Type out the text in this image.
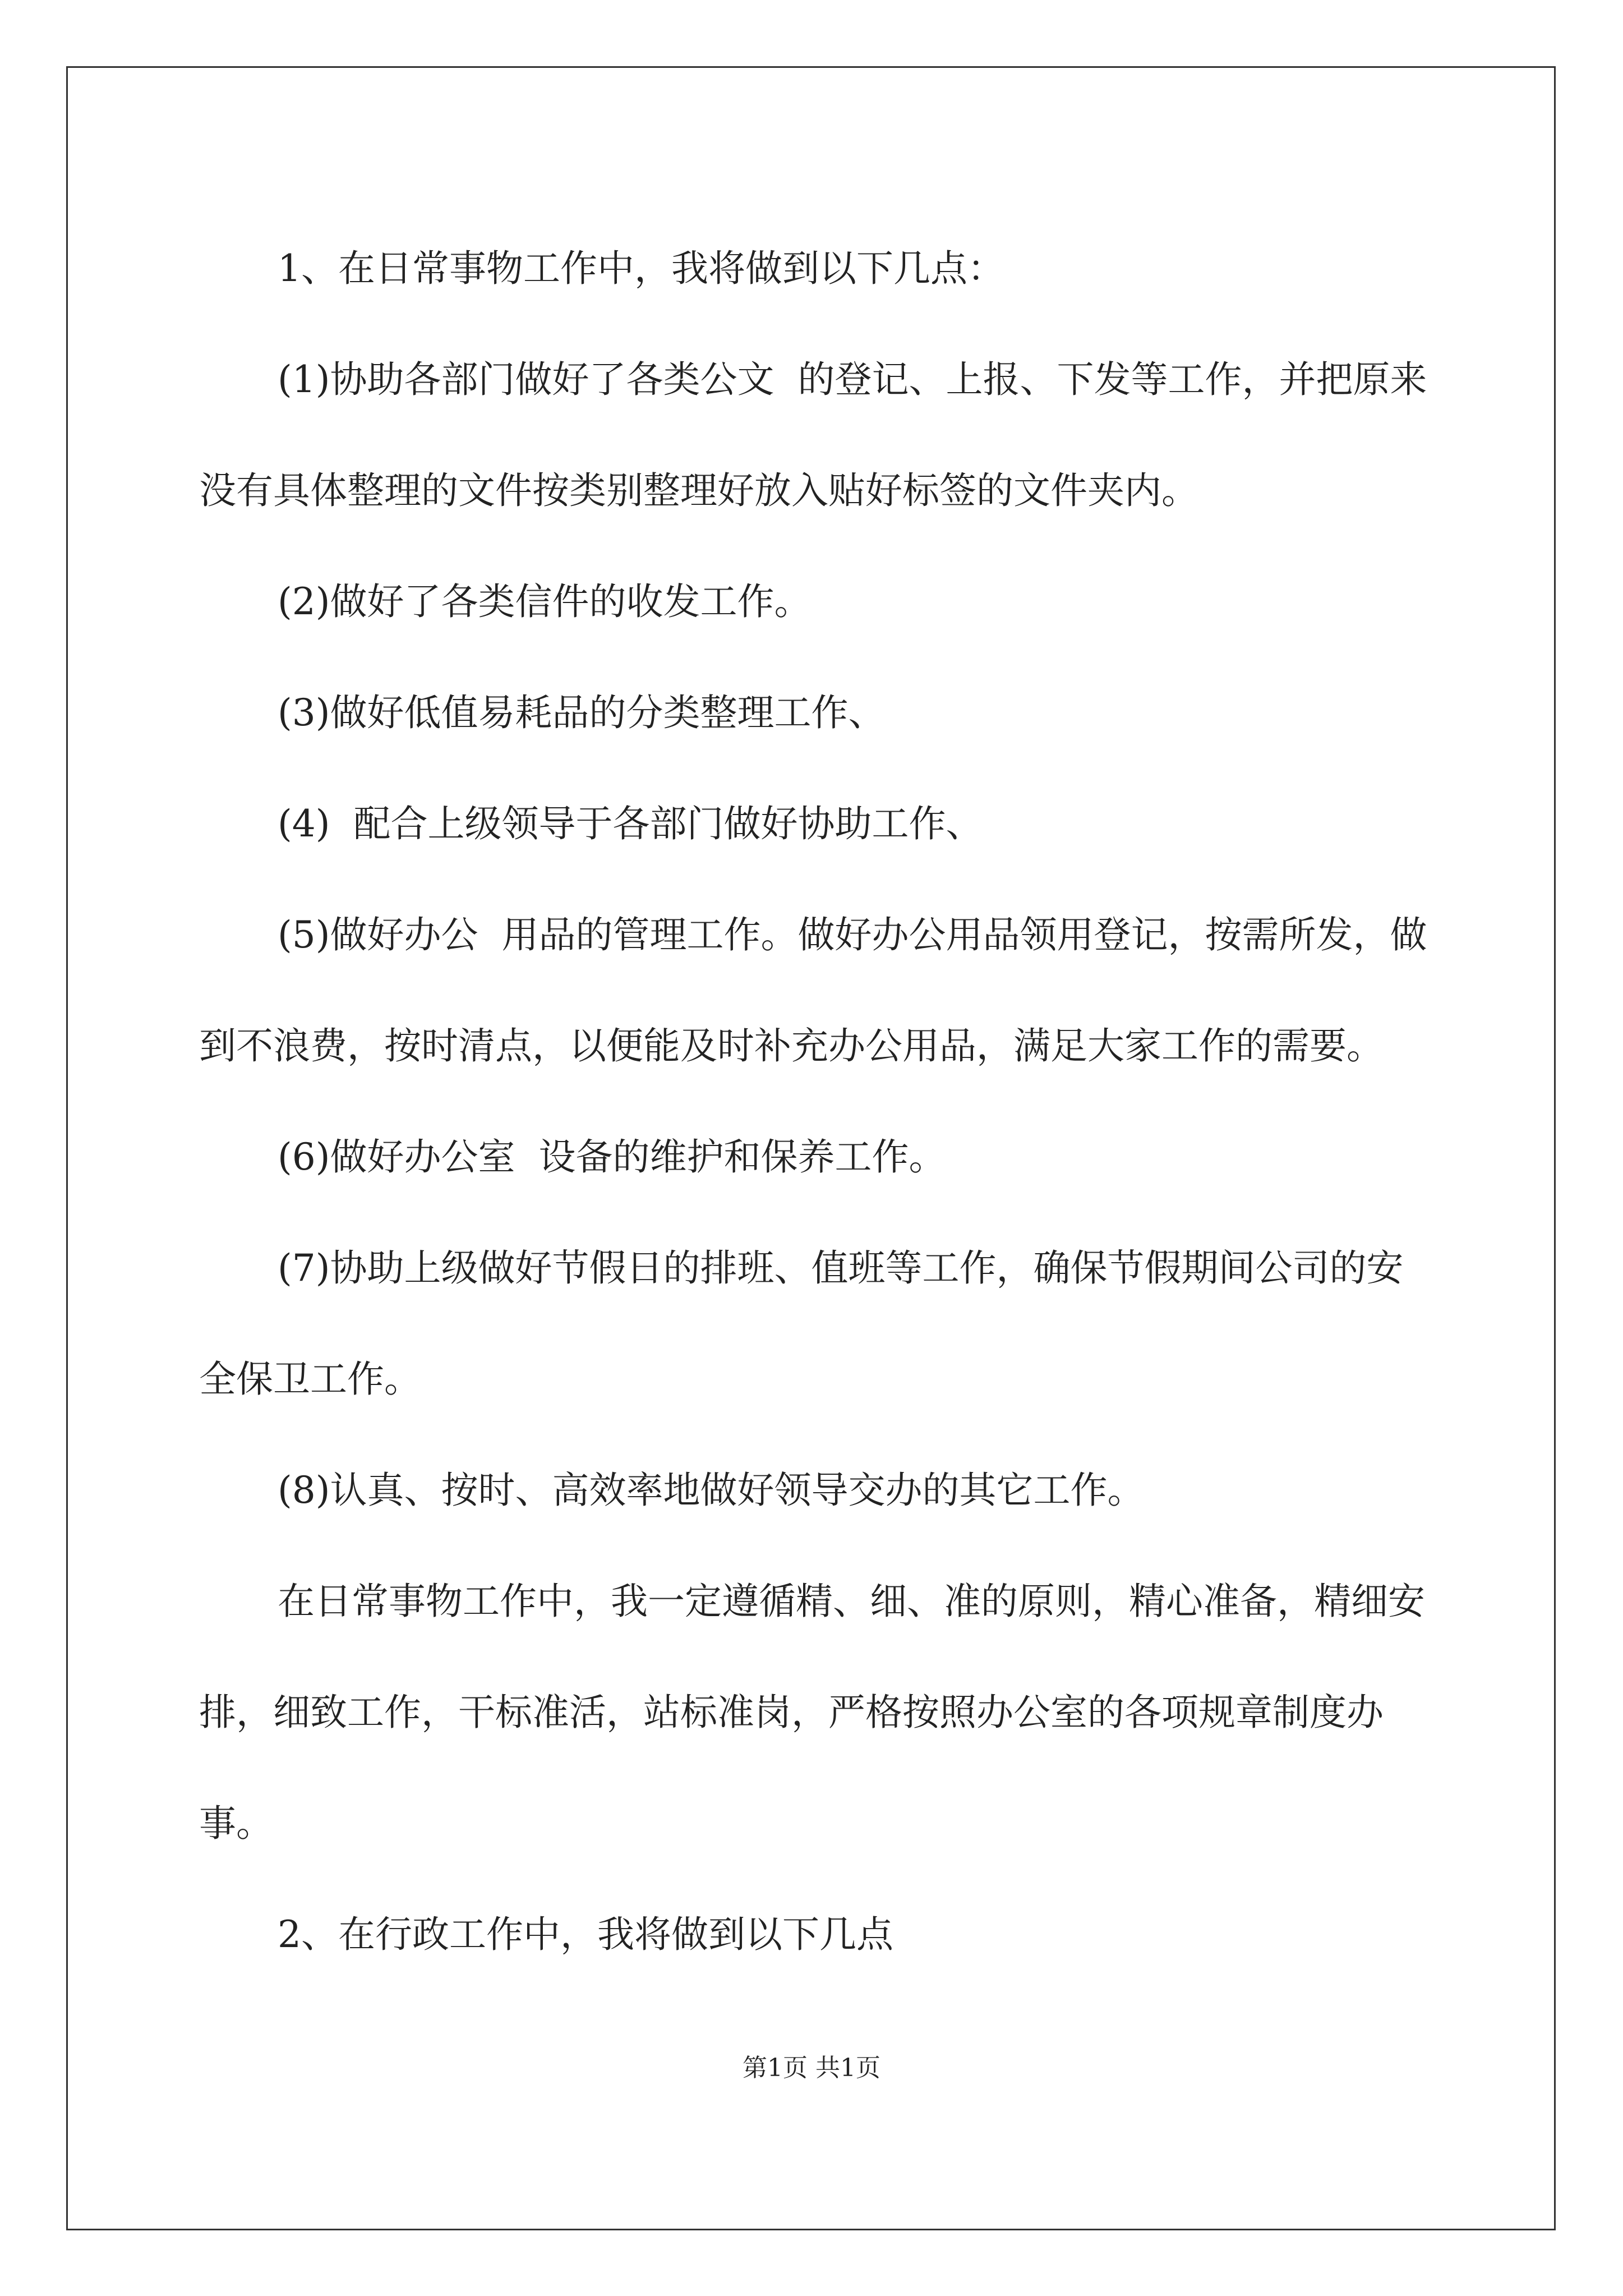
1、在日常事物工作中，我将做到以下几点：

(1)协助各部门做好了各类公文  的登记、上报、下发等工作，并把原来没有具体整理的文件按类别整理好放入贴好标签的文件夹内。

(2)做好了各类信件的收发工作。

(3)做好低值易耗品的分类整理工作、

(4)  配合上级领导于各部门做好协助工作、

(5)做好办公  用品的管理工作。做好办公用品领用登记，按需所发，做到不浪费，按时清点，以便能及时补充办公用品，满足大家工作的需要。

(6)做好办公室  设备的维护和保养工作。

(7)协助上级做好节假日的排班、值班等工作，确保节假期间公司的安全保卫工作。

(8)认真、按时、高效率地做好领导交办的其它工作。

在日常事物工作中，我一定遵循精、细、准的原则，精心准备，精细安排，细致工作，干标准活，站标准岗，严格按照办公室的各项规章制度办事。

2、在行政工作中，我将做到以下几点

第1页 共1页
